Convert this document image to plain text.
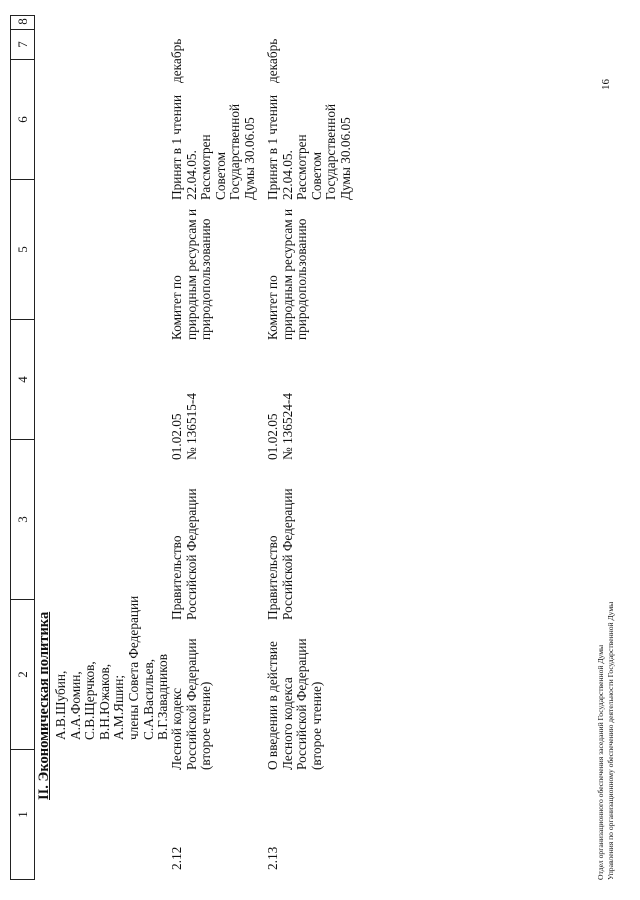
1
2
3
4
5
6
7
8
II. Экономическая политика А.В.Шубин, А.А.Фомин, С.В.Щерчков, В.Н.Южаков, А.М.Яшин; члены Совета Федерации С.А.Васильев, В.Г.Завадников
2.12
Лесной кодекс
Российской Федерации
(второе чтение)
Правительство
Российской Федерации
01.02.05
№ 136515-4
Комитет по
природным ресурсам и
природопользованию
Принят в 1 чтении
22.04.05.
Рассмотрен
Советом
Государственной
Думы 30.06.05
декабрь
2.13
О введении в действие
Лесного кодекса
Российской Федерации
(второе чтение)
Правительство
Российской Федерации
01.02.05
№ 136524-4
Комитет по
природным ресурсам и
природопользованию
Принят в 1 чтении
22.04.05.
Рассмотрен
Советом
Государственной
Думы 30.06.05
декабрь
Отдел организационного обеспечения заседаний Государственной Думы Управления по организационному обеспечению деятельности Государственной Думы
16
